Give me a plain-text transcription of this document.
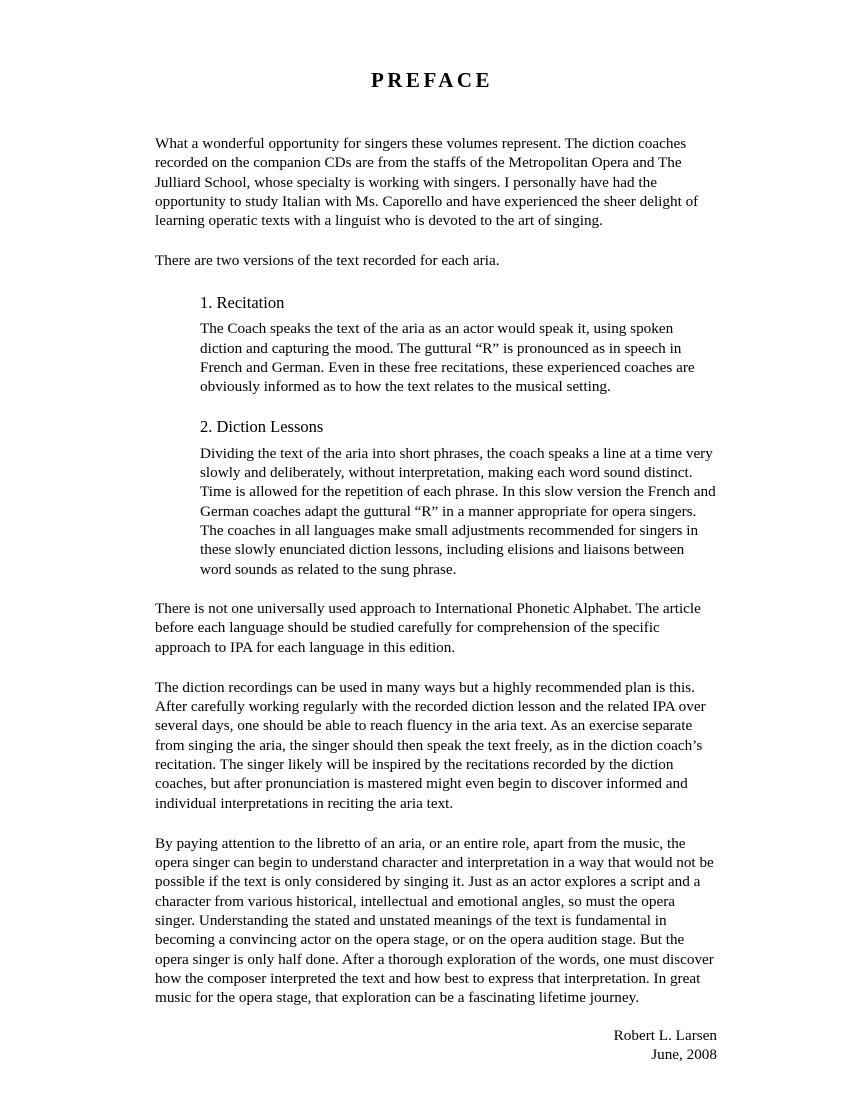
PREFACE

What a wonderful opportunity for singers these volumes represent. The diction coaches recorded on the companion CDs are from the staffs of the Metropolitan Opera and The Julliard School, whose specialty is working with singers. I personally have had the opportunity to study Italian with Ms. Caporello and have experienced the sheer delight of learning operatic texts with a linguist who is devoted to the art of singing.

There are two versions of the text recorded for each aria.

1. Recitation
The Coach speaks the text of the aria as an actor would speak it, using spoken diction and capturing the mood. The guttural “R” is pronounced as in speech in French and German. Even in these free recitations, these experienced coaches are obviously informed as to how the text relates to the musical setting.
2. Diction Lessons
Dividing the text of the aria into short phrases, the coach speaks a line at a time very slowly and deliberately, without interpretation, making each word sound distinct. Time is allowed for the repetition of each phrase. In this slow version the French and German coaches adapt the guttural “R” in a manner appropriate for opera singers. The coaches in all languages make small adjustments recommended for singers in these slowly enunciated diction lessons, including elisions and liaisons between word sounds as related to the sung phrase.

There is not one universally used approach to International Phonetic Alphabet. The article before each language should be studied carefully for comprehension of the specific approach to IPA for each language in this edition.

The diction recordings can be used in many ways but a highly recommended plan is this. After carefully working regularly with the recorded diction lesson and the related IPA over several days, one should be able to reach fluency in the aria text. As an exercise separate from singing the aria, the singer should then speak the text freely, as in the diction coach’s recitation. The singer likely will be inspired by the recitations recorded by the diction coaches, but after pronunciation is mastered might even begin to discover informed and individual interpretations in reciting the aria text.

By paying attention to the libretto of an aria, or an entire role, apart from the music, the opera singer can begin to understand character and interpretation in a way that would not be possible if the text is only considered by singing it. Just as an actor explores a script and a character from various historical, intellectual and emotional angles, so must the opera singer. Understanding the stated and unstated meanings of the text is fundamental in becoming a convincing actor on the opera stage, or on the opera audition stage. But the opera singer is only half done. After a thorough exploration of the words, one must discover how the composer interpreted the text and how best to express that interpretation. In great music for the opera stage, that exploration can be a fascinating lifetime journey.

Robert L. Larsen
June, 2008
